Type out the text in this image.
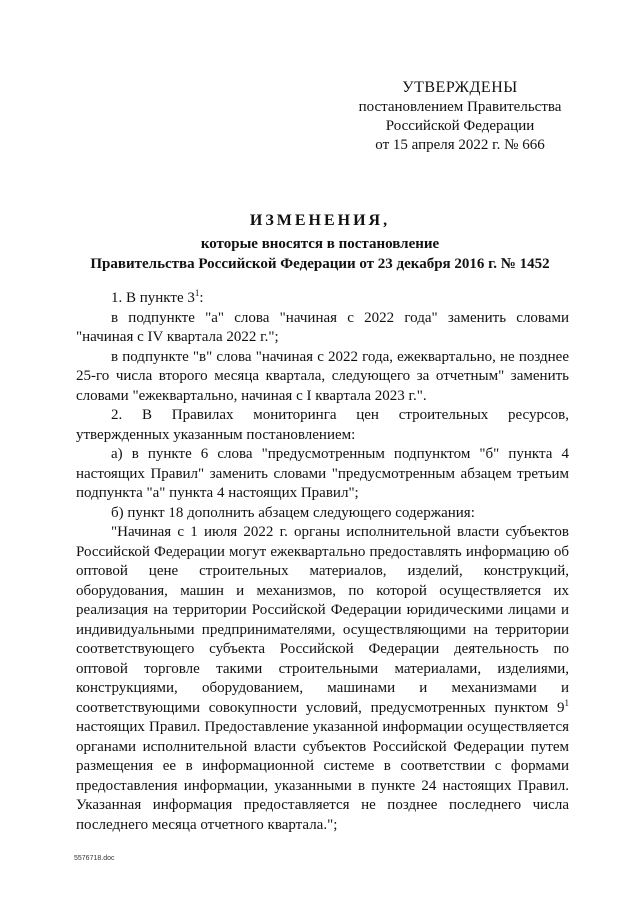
УТВЕРЖДЕНЫ
постановлением Правительства
Российской Федерации
от 15 апреля 2022 г. № 666
ИЗМЕНЕНИЯ,
которые вносятся в постановление
Правительства Российской Федерации от 23 декабря 2016 г. № 1452

1. В пункте $3^1$:

в подпункте "а" слова "начиная с 2022 года" заменить словами "начиная с IV квартала 2022 г.";

в подпункте "в" слова "начиная с 2022 года, ежеквартально, не позднее 25-го числа второго месяца квартала, следующего за отчетным" заменить словами "ежеквартально, начиная с I квартала 2023 г.".

2. В Правилах мониторинга цен строительных ресурсов, утвержденных указанным постановлением:

а) в пункте 6 слова "предусмотренным подпунктом "б" пункта 4 настоящих Правил" заменить словами "предусмотренным абзацем третьим подпункта "а" пункта 4 настоящих Правил";

б) пункт 18 дополнить абзацем следующего содержания:

"Начиная с 1 июля 2022 г. органы исполнительной власти субъектов Российской Федерации могут ежеквартально предоставлять информацию об оптовой цене строительных материалов, изделий, конструкций, оборудования, машин и механизмов, по которой осуществляется их реализация на территории Российской Федерации юридическими лицами и индивидуальными предпринимателями, осуществляющими на территории соответствующего субъекта Российской Федерации деятельность по оптовой торговле такими строительными материалами, изделиями, конструкциями, оборудованием, машинами и механизмами и соответствующими совокупности условий, предусмотренных пунктом $9^1$ настоящих Правил. Предоставление указанной информации осуществляется органами исполнительной власти субъектов Российской Федерации путем размещения ее в информационной системе в соответствии с формами предоставления информации, указанными в пункте 24 настоящих Правил. Указанная информация предоставляется не позднее последнего числа последнего месяца отчетного квартала.";

5576718.doc
